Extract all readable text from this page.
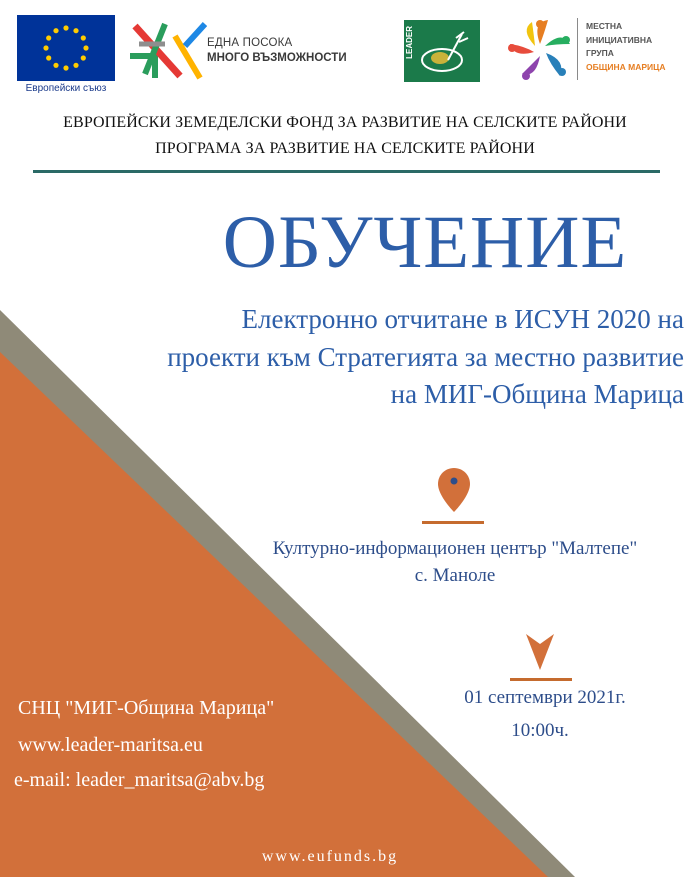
Европейски съюз
ЕДНА ПОСОКА
МНОГО ВЪЗМОЖНОСТИ	LEADER	МЕСТНА
ИНИЦИАТИВНА
ГРУПА
ОБЩИНА МАРИЦА
ЕВРОПЕЙСКИ ЗЕМЕДЕЛСКИ ФОНД ЗА РАЗВИТИЕ НА СЕЛСКИТЕ РАЙОНИ
ПРОГРАМА ЗА РАЗВИТИЕ НА СЕЛСКИТЕ РАЙОНИ
ОБУЧЕНИЕ
Електронно отчитане в ИСУН 2020 на
проекти към Стратегията за местно развитие
на МИГ-Община Марица
Културно-информационен център "Малтепе"
с. Маноле
01 септември 2021г.
10:00ч.
СНЦ "МИГ-Община Марица"
www.leader-maritsa.eu
e-mail: leader_maritsa@abv.bg
www.eufunds.bg
